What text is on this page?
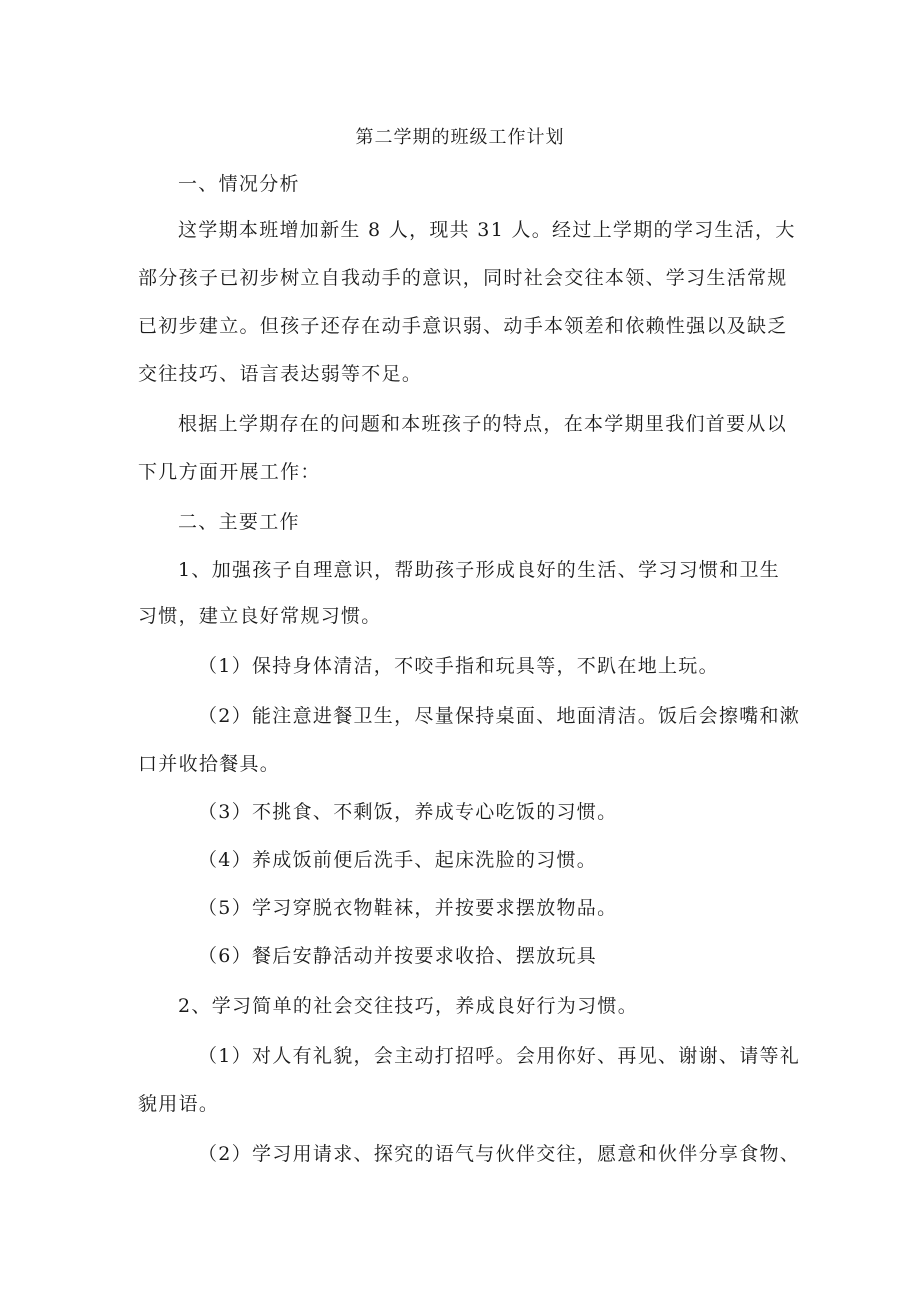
第二学期的班级工作计划
一、情况分析
这学期本班增加新生 8 人，现共 31 人。经过上学期的学习生活，大
部分孩子已初步树立自我动手的意识，同时社会交往本领、学习生活常规
已初步建立。但孩子还存在动手意识弱、动手本领差和依赖性强以及缺乏
交往技巧、语言表达弱等不足。
根据上学期存在的问题和本班孩子的特点，在本学期里我们首要从以
下几方面开展工作：
二、主要工作
1、加强孩子自理意识，帮助孩子形成良好的生活、学习习惯和卫生
习惯，建立良好常规习惯。
（1）保持身体清洁，不咬手指和玩具等，不趴在地上玩。
（2）能注意进餐卫生，尽量保持桌面、地面清洁。饭后会擦嘴和漱
口并收拾餐具。
（3）不挑食、不剩饭，养成专心吃饭的习惯。
（4）养成饭前便后洗手、起床洗脸的习惯。
（5）学习穿脱衣物鞋袜，并按要求摆放物品。
（6）餐后安静活动并按要求收拾、摆放玩具
2、学习简单的社会交往技巧，养成良好行为习惯。
（1）对人有礼貌，会主动打招呼。会用你好、再见、谢谢、请等礼
貌用语。
（2）学习用请求、探究的语气与伙伴交往，愿意和伙伴分享食物、
